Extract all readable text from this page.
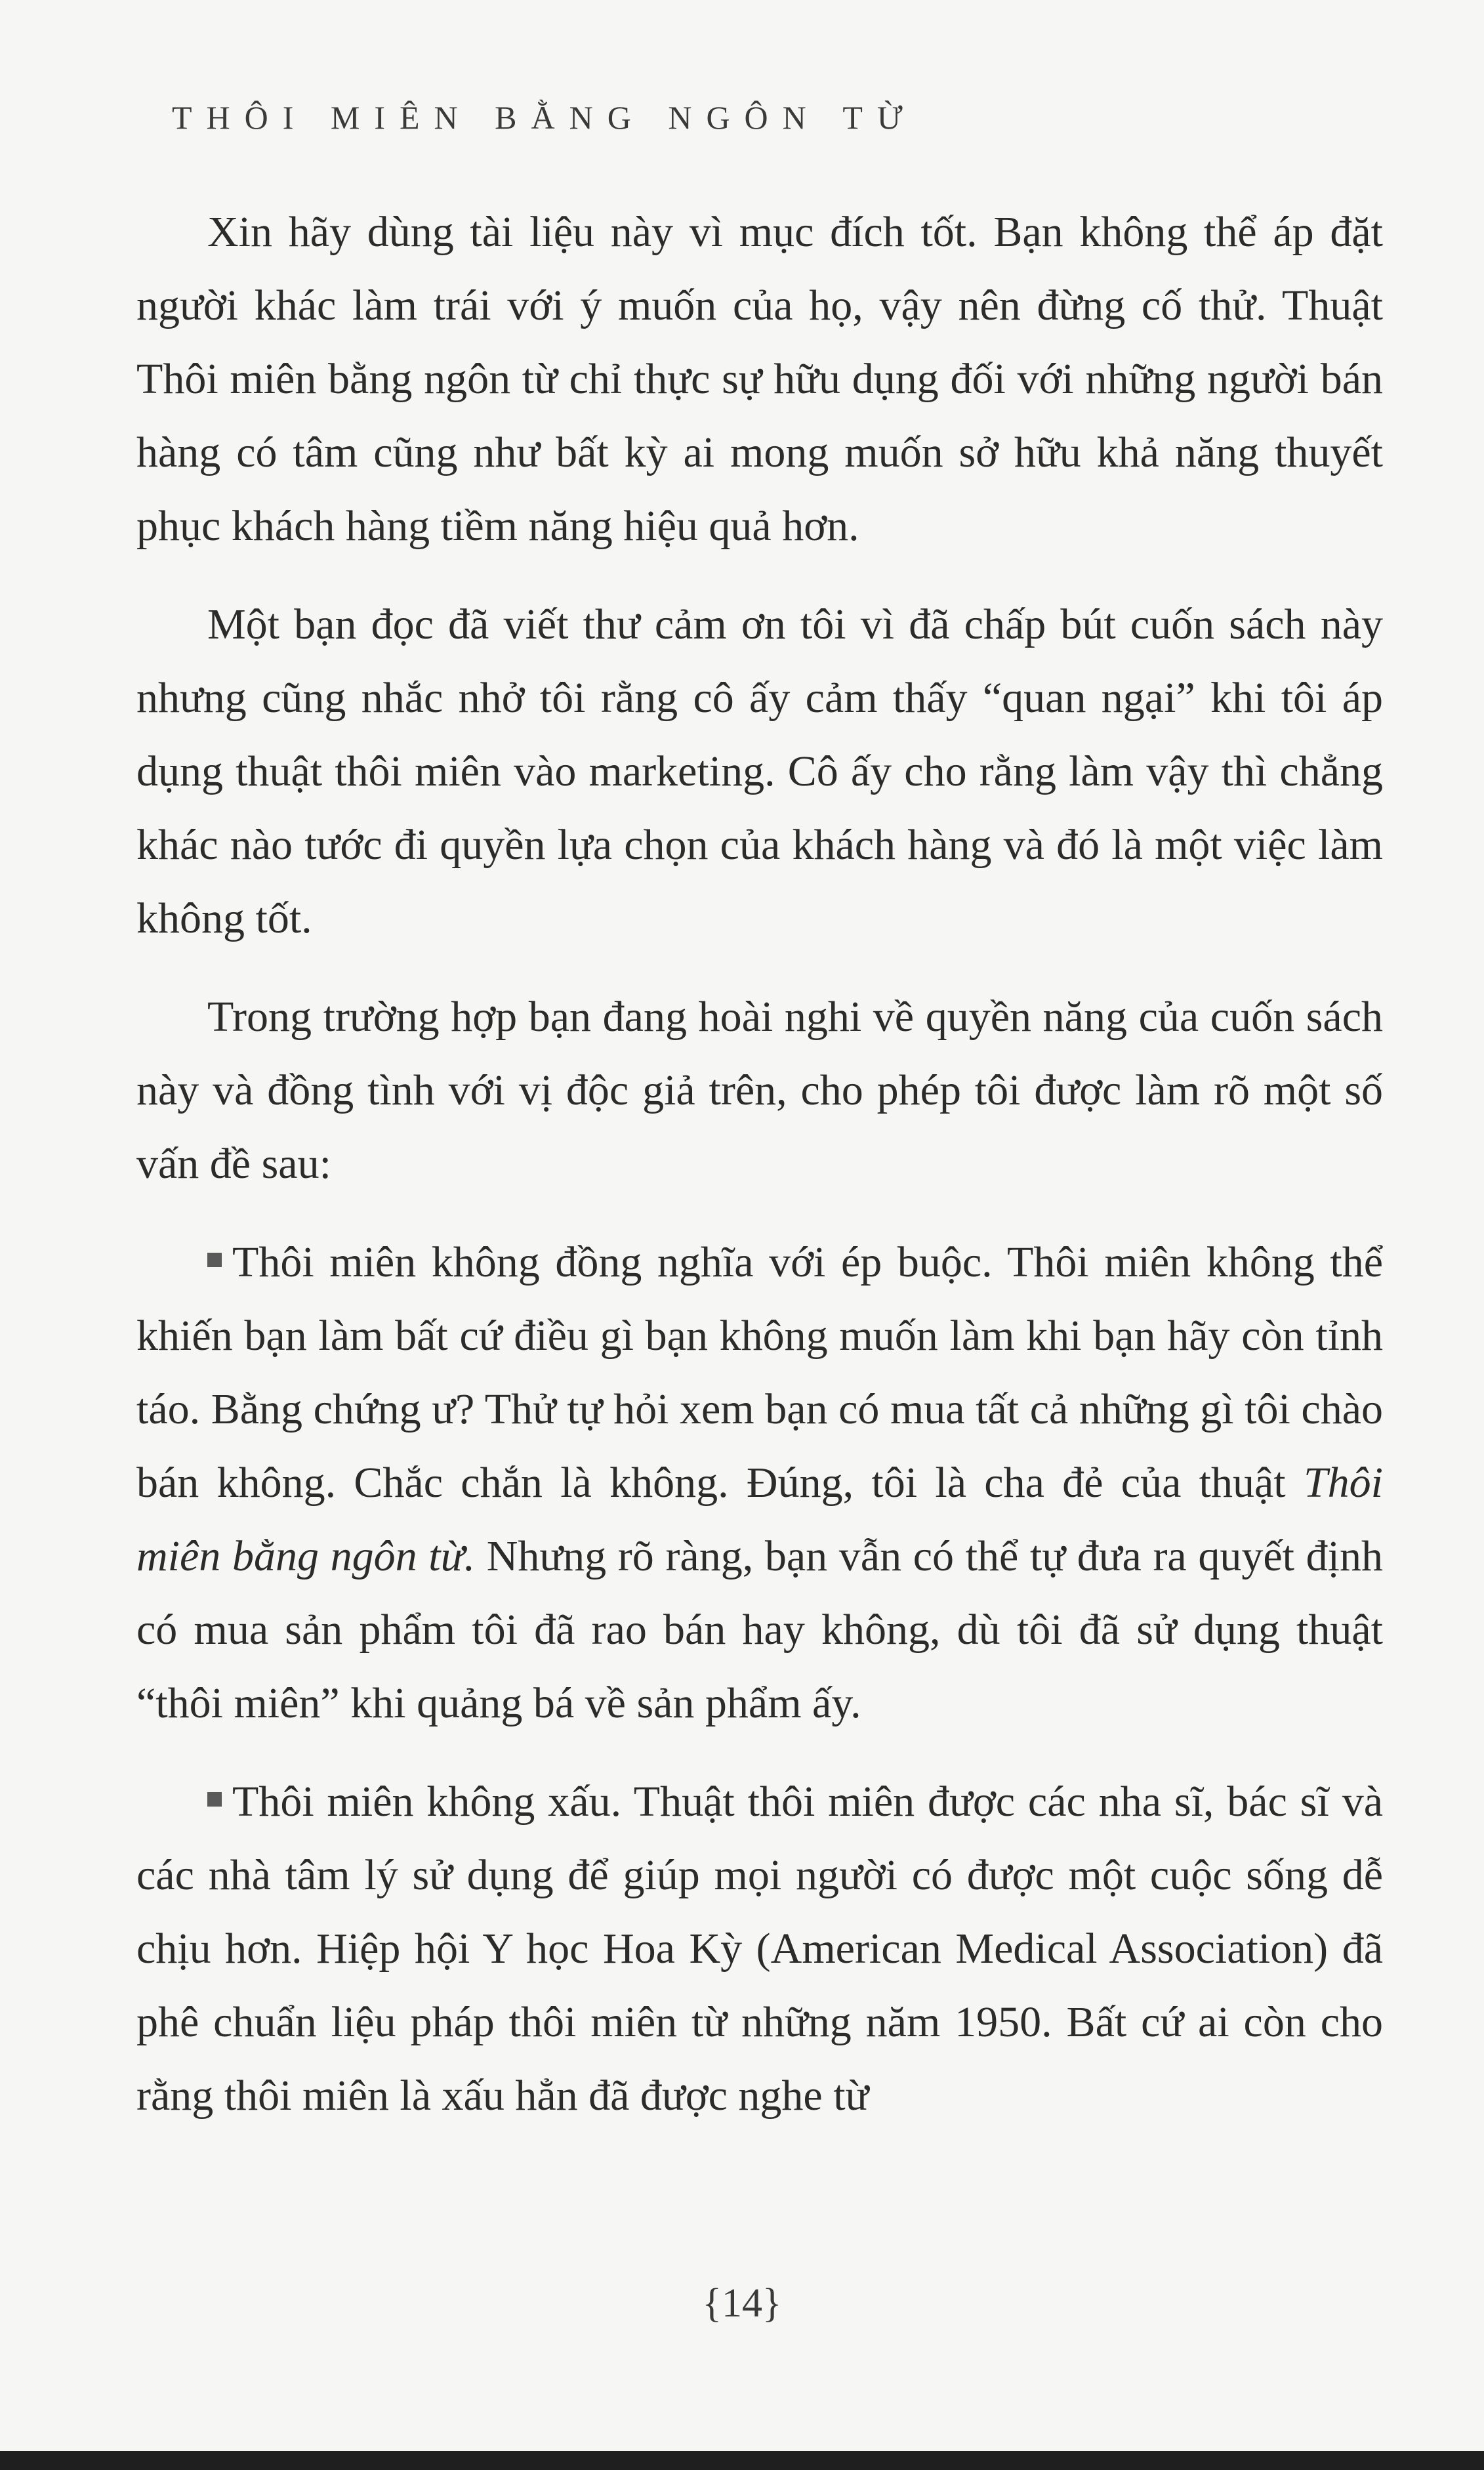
THÔI MIÊN BẰNG NGÔN TỪ

Xin hãy dùng tài liệu này vì mục đích tốt. Bạn không thể áp đặt người khác làm trái với ý muốn của họ, vậy nên đừng cố thử. Thuật Thôi miên bằng ngôn từ chỉ thực sự hữu dụng đối với những người bán hàng có tâm cũng như bất kỳ ai mong muốn sở hữu khả năng thuyết phục khách hàng tiềm năng hiệu quả hơn.

Một bạn đọc đã viết thư cảm ơn tôi vì đã chấp bút cuốn sách này nhưng cũng nhắc nhở tôi rằng cô ấy cảm thấy “quan ngại” khi tôi áp dụng thuật thôi miên vào marketing. Cô ấy cho rằng làm vậy thì chẳng khác nào tước đi quyền lựa chọn của khách hàng và đó là một việc làm không tốt.

Trong trường hợp bạn đang hoài nghi về quyền năng của cuốn sách này và đồng tình với vị độc giả trên, cho phép tôi được làm rõ một số vấn đề sau:

Thôi miên không đồng nghĩa với ép buộc. Thôi miên không thể khiến bạn làm bất cứ điều gì bạn không muốn làm khi bạn hãy còn tỉnh táo. Bằng chứng ư? Thử tự hỏi xem bạn có mua tất cả những gì tôi chào bán không. Chắc chắn là không. Đúng, tôi là cha đẻ của thuật Thôi miên bằng ngôn từ. Nhưng rõ ràng, bạn vẫn có thể tự đưa ra quyết định có mua sản phẩm tôi đã rao bán hay không, dù tôi đã sử dụng thuật “thôi miên” khi quảng bá về sản phẩm ấy.

Thôi miên không xấu. Thuật thôi miên được các nha sĩ, bác sĩ và các nhà tâm lý sử dụng để giúp mọi người có được một cuộc sống dễ chịu hơn. Hiệp hội Y học Hoa Kỳ (American Medical Association) đã phê chuẩn liệu pháp thôi miên từ những năm 1950. Bất cứ ai còn cho rằng thôi miên là xấu hẳn đã được nghe từ

{14}
